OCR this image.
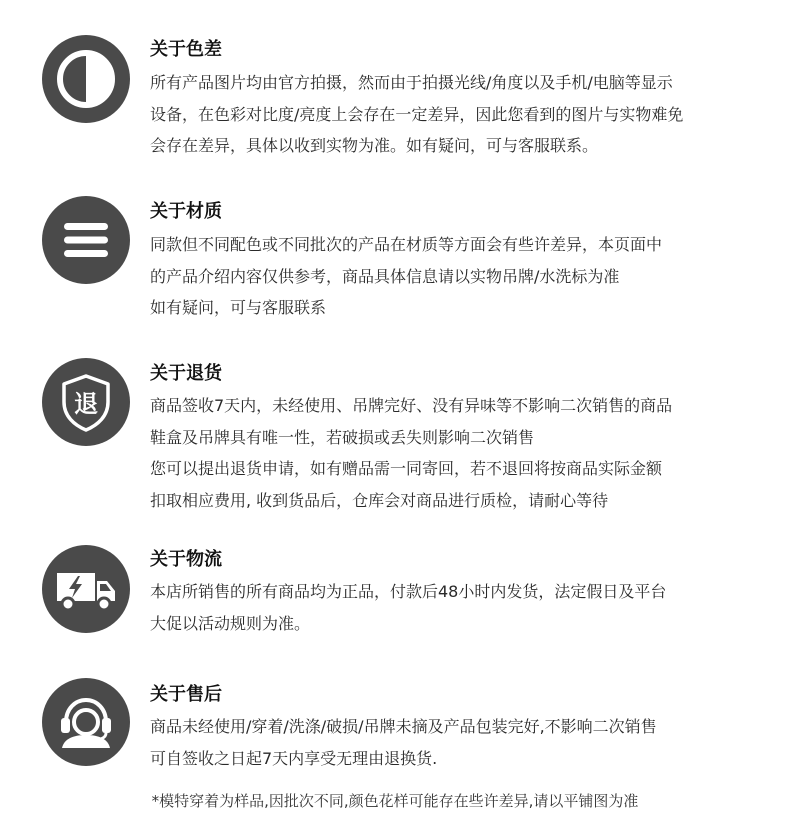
关于色差
所有产品图片均由官方拍摄，然而由于拍摄光线/角度以及手机/电脑等显示
设备，在色彩对比度/亮度上会存在一定差异，因此您看到的图片与实物难免
会存在差异，具体以收到实物为准。如有疑问，可与客服联系。
关于材质
同款但不同配色或不同批次的产品在材质等方面会有些许差异，本页面中
的产品介绍内容仅供参考，商品具体信息请以实物吊牌/水洗标为准
如有疑问，可与客服联系
退
关于退货
商品签收7天内，未经使用、吊牌完好、没有异味等不影响二次销售的商品
鞋盒及吊牌具有唯一性，若破损或丢失则影响二次销售
您可以提出退货申请，如有赠品需一同寄回，若不退回将按商品实际金额
扣取相应费用, 收到货品后，仓库会对商品进行质检，请耐心等待
关于物流
本店所销售的所有商品均为正品，付款后48小时内发货，法定假日及平台
大促以活动规则为准。
关于售后
商品未经使用/穿着/洗涤/破损/吊牌未摘及产品包装完好,不影响二次销售
可自签收之日起7天内享受无理由退换货.
*模特穿着为样品,因批次不同,颜色花样可能存在些许差异,请以平铺图为准
